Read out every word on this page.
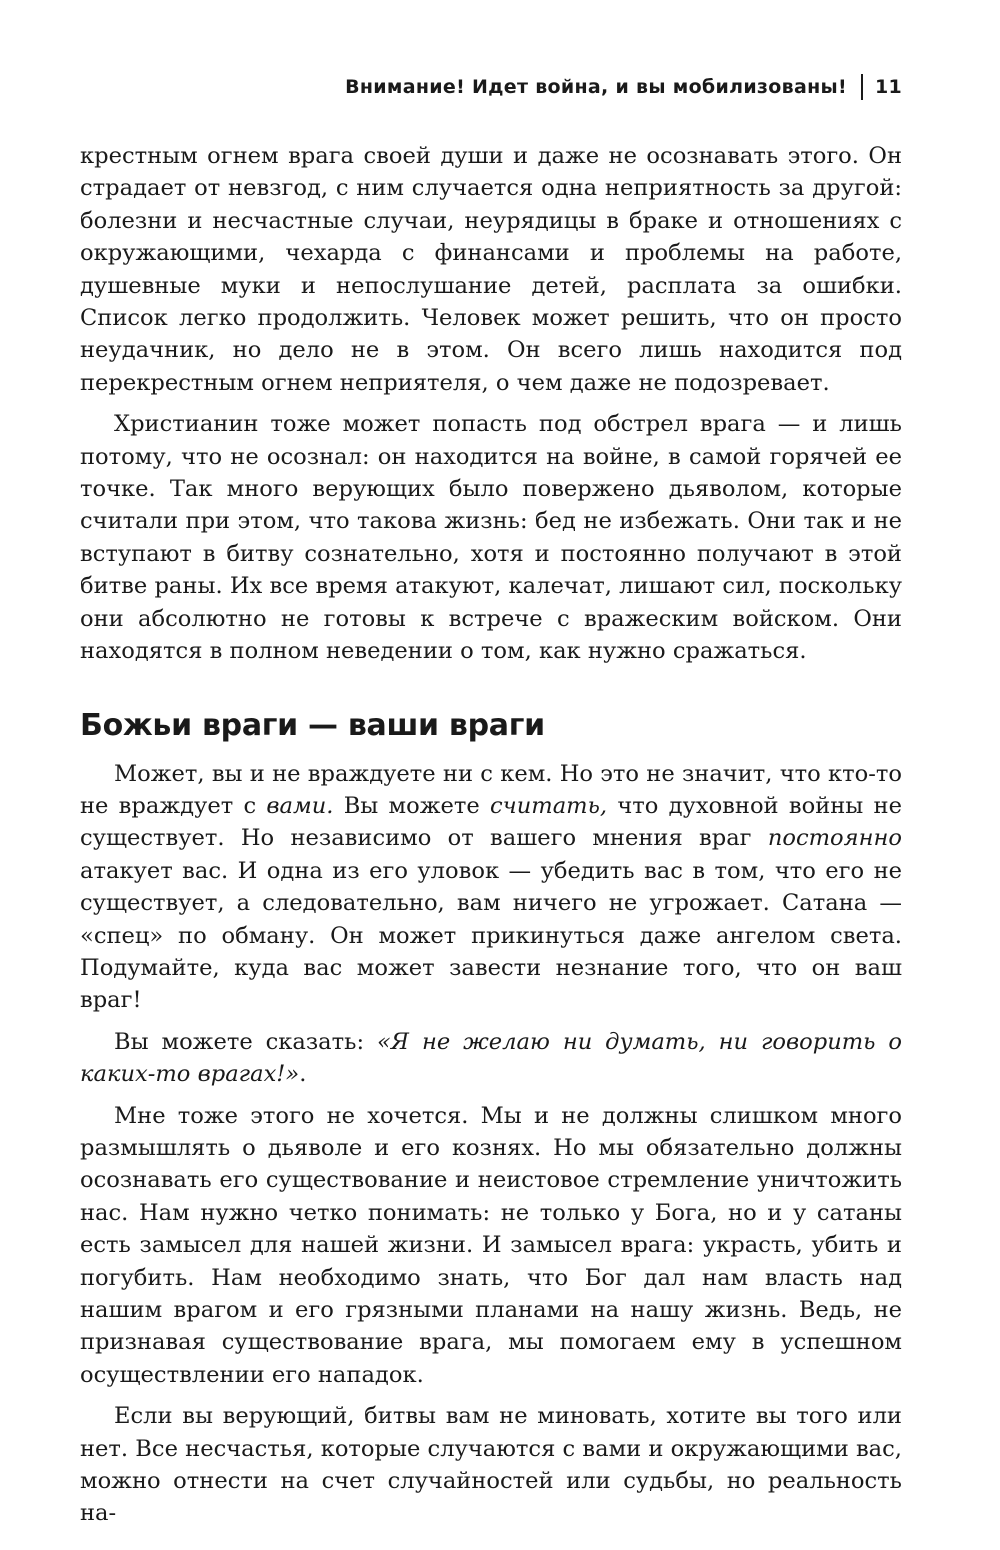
Внимание! Идет война, и вы мобилизованы! 11

крестным огнем врага своей души и даже не осознавать этого. Он страдает от невзгод, с ним случается одна неприятность за другой: болезни и несчастные случаи, неурядицы в браке и отношениях с окружающими, чехарда с финансами и проблемы на работе, душевные муки и непослушание детей, расплата за ошибки. Список легко продолжить. Человек может решить, что он просто неудачник, но дело не в этом. Он всего лишь находится под перекрестным огнем неприятеля, о чем даже не подозревает.

Христианин тоже может попасть под обстрел врага — и лишь потому, что не осознал: он находится на войне, в самой горячей ее точке. Так много верующих было повержено дьяволом, которые считали при этом, что такова жизнь: бед не избежать. Они так и не вступают в битву сознательно, хотя и постоянно получают в этой битве раны. Их все время атакуют, калечат, лишают сил, поскольку они абсолютно не готовы к встрече с вражеским войском. Они находятся в полном неведении о том, как нужно сражаться.

Божьи враги — ваши враги

Может, вы и не враждуете ни с кем. Но это не значит, что кто-то не враждует с вами. Вы можете считать, что духовной войны не существует. Но независимо от вашего мнения враг постоянно атакует вас. И одна из его уловок — убедить вас в том, что его не существует, а следовательно, вам ничего не угрожает. Сатана — «спец» по обману. Он может прикинуться даже ангелом света. Подумайте, куда вас может завести незнание того, что он ваш враг!

Вы можете сказать: «Я не желаю ни думать, ни говорить о каких-то врагах!».

Мне тоже этого не хочется. Мы и не должны слишком много размышлять о дьяволе и его кознях. Но мы обязательно должны осознавать его существование и неистовое стремление уничтожить нас. Нам нужно четко понимать: не только у Бога, но и у сатаны есть замысел для нашей жизни. И замысел врага: украсть, убить и погубить. Нам необходимо знать, что Бог дал нам власть над нашим врагом и его грязными планами на нашу жизнь. Ведь, не признавая существование врага, мы помогаем ему в успешном осуществлении его нападок.

Если вы верующий, битвы вам не миновать, хотите вы того или нет. Все несчастья, которые случаются с вами и окружающими вас, можно отнести на счет случайностей или судьбы, но реальность на-
